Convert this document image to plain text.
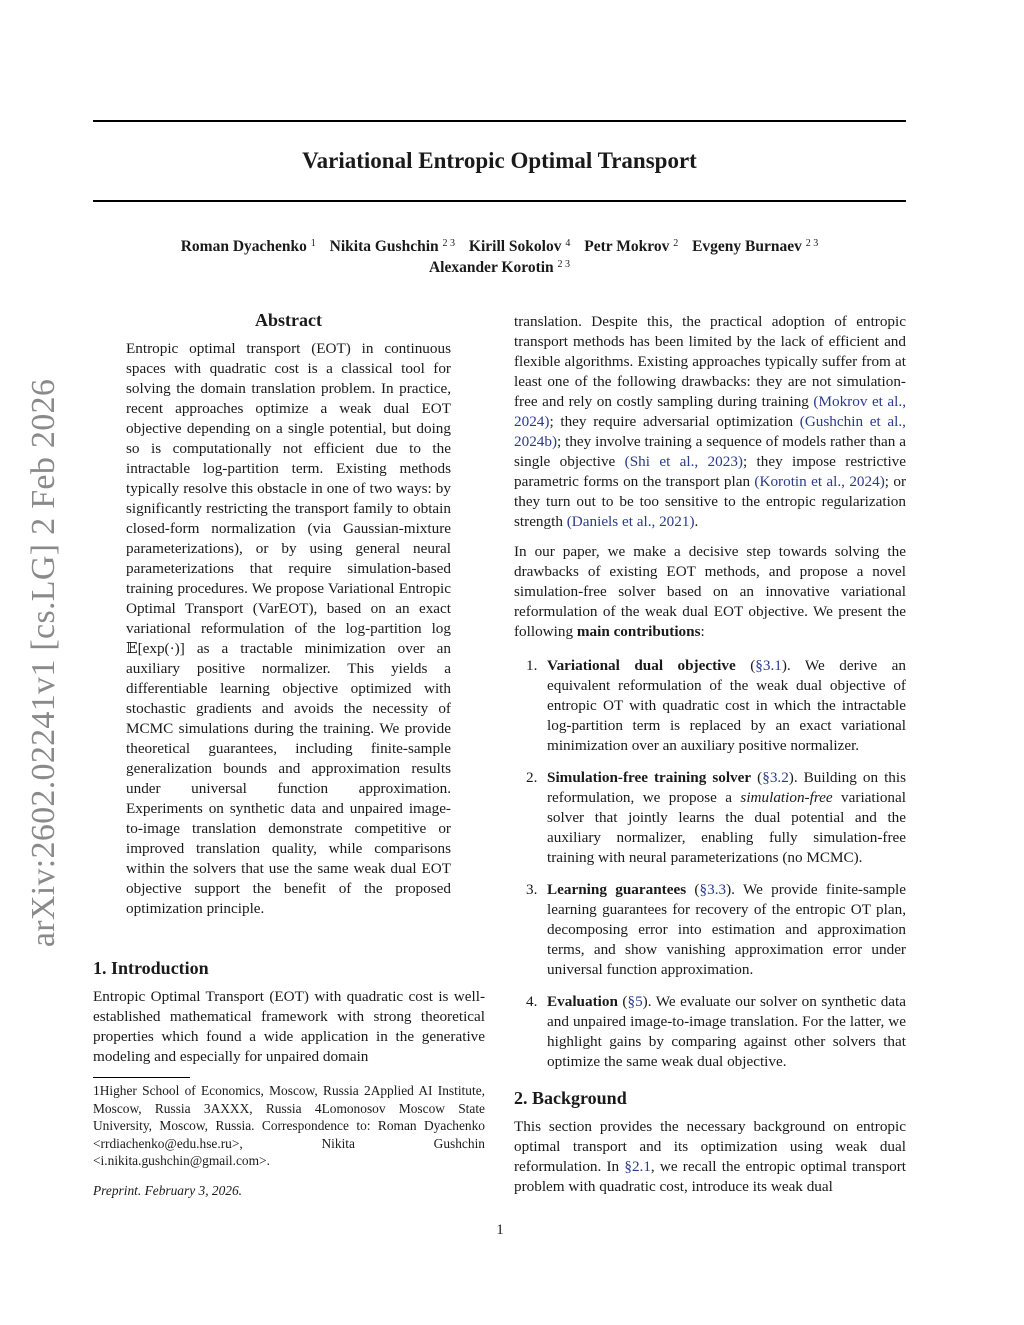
Variational Entropic Optimal Transport
Roman Dyachenko $^1$ Nikita Gushchin $^{2 3}$ Kirill Sokolov $^4$ Petr Mokrov $^2$ Evgeny Burnaev $^{2 3}$
Alexander Korotin $^{2 3}$
arXiv:2602.02241v1 [cs.LG] 2 Feb 2026
Abstract

Entropic optimal transport (EOT) in continuous spaces with quadratic cost is a classical tool for solving the domain translation problem. In practice, recent approaches optimize a weak dual EOT objective depending on a single potential, but doing so is computationally not efficient due to the intractable log-partition term. Existing methods typically resolve this obstacle in one of two ways: by significantly restricting the transport family to obtain closed-form normalization (via Gaussian-mixture parameterizations), or by using general neural parameterizations that require simulation-based training procedures. We propose Variational Entropic Optimal Transport (VarEOT), based on an exact variational reformulation of the log-partition log 𝔼[exp(·)] as a tractable minimization over an auxiliary positive normalizer. This yields a differentiable learning objective optimized with stochastic gradients and avoids the necessity of MCMC simulations during the training. We provide theoretical guarantees, including finite-sample generalization bounds and approximation results under universal function approximation. Experiments on synthetic data and unpaired image-to-image translation demonstrate competitive or improved translation quality, while comparisons within the solvers that use the same weak dual EOT objective support the benefit of the proposed optimization principle.

1. Introduction

Entropic Optimal Transport (EOT) with quadratic cost is well-established mathematical framework with strong theoretical properties which found a wide application in the generative modeling and especially for unpaired domain

1Higher School of Economics, Moscow, Russia 2Applied AI Institute, Moscow, Russia 3AXXX, Russia 4Lomonosov Moscow State University, Moscow, Russia. Correspondence to: Roman Dyachenko <rrdiachenko@edu.hse.ru>, Nikita Gushchin <i.nikita.gushchin@gmail.com>.
Preprint. February 3, 2026.

translation. Despite this, the practical adoption of entropic transport methods has been limited by the lack of efficient and flexible algorithms. Existing approaches typically suffer from at least one of the following drawbacks: they are not simulation-free and rely on costly sampling during training (Mokrov et al., 2024); they require adversarial optimization (Gushchin et al., 2024b); they involve training a sequence of models rather than a single objective (Shi et al., 2023); they impose restrictive parametric forms on the transport plan (Korotin et al., 2024); or they turn out to be too sensitive to the entropic regularization strength (Daniels et al., 2021).

In our paper, we make a decisive step towards solving the drawbacks of existing EOT methods, and propose a novel simulation-free solver based on an innovative variational reformulation of the weak dual EOT objective. We present the following main contributions:

1. Variational dual objective (§3.1). We derive an equivalent reformulation of the weak dual objective of entropic OT with quadratic cost in which the intractable log-partition term is replaced by an exact variational minimization over an auxiliary positive normalizer.
2. Simulation-free training solver (§3.2). Building on this reformulation, we propose a simulation-free variational solver that jointly learns the dual potential and the auxiliary normalizer, enabling fully simulation-free training with neural parameterizations (no MCMC).
3. Learning guarantees (§3.3). We provide finite-sample learning guarantees for recovery of the entropic OT plan, decomposing error into estimation and approximation terms, and show vanishing approximation error under universal function approximation.
4. Evaluation (§5). We evaluate our solver on synthetic data and unpaired image-to-image translation. For the latter, we highlight gains by comparing against other solvers that optimize the same weak dual objective.
2. Background

This section provides the necessary background on entropic optimal transport and its optimization using weak dual reformulation. In §2.1, we recall the entropic optimal transport problem with quadratic cost, introduce its weak dual

1
